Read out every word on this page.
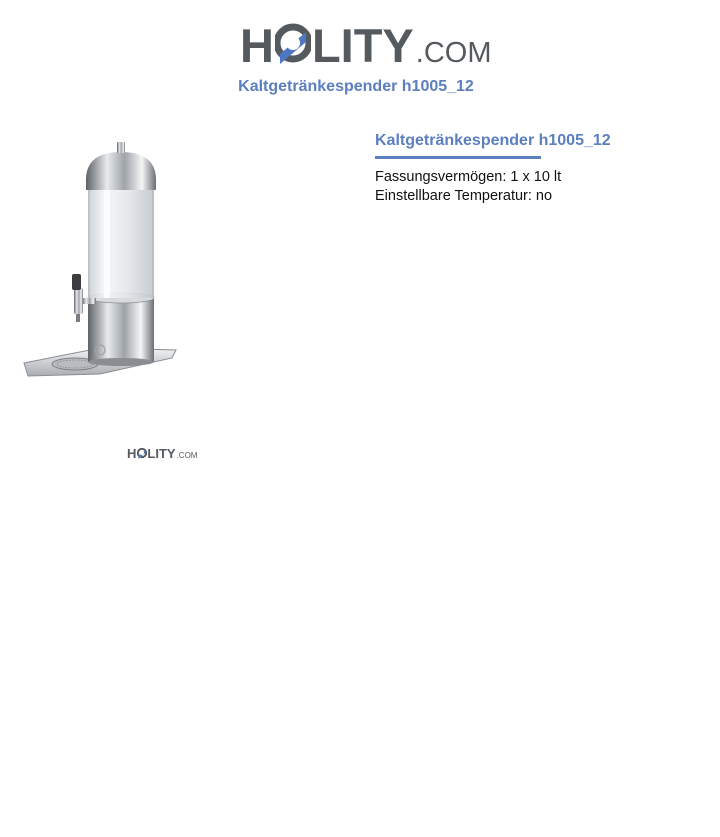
H LITY .COM
Kaltgetränkespender h1005_12
H LITY .COM
Kaltgetränkespender h1005_12
Fassungsvermögen: 1 x 10 lt
Einstellbare Temperatur: no
